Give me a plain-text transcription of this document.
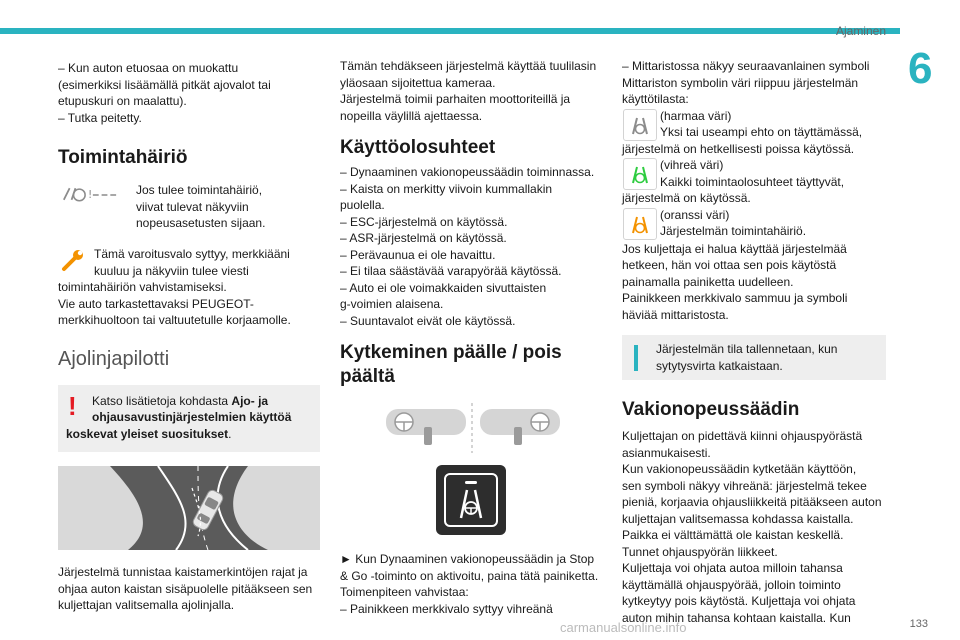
Ajaminen
6
133
carmanualsonline.info
– Kun auton etuosaa on muokattu
(esimerkiksi lisäämällä pitkät ajovalot tai
etupuskuri on maalattu).
– Tutka peitetty.
Toimintahäiriö
!	Jos tulee toimintahäiriö,
viivat tulevat näkyviin
nopeusasetusten sijaan.
Tämä varoitusvalo syttyy, merkkiääni
kuuluu ja näkyviin tulee viesti
toimintahäiriön vahvistamiseksi.
Vie auto tarkastettavaksi PEUGEOT-
merkkihuoltoon tai valtuutetulle korjaamolle.
Ajolinjapilotti
! Katso lisätietoja kohdasta Ajo- ja
ohjausavustinjärjestelmien käyttöä
koskevat yleiset suositukset.
Järjestelmä tunnistaa kaistamerkintöjen rajat ja
ohjaa auton kaistan sisäpuolelle pitääkseen sen
kuljettajan valitsemalla ajolinjalla.
Tämän tehdäkseen järjestelmä käyttää tuulilasin
yläosaan sijoitettua kameraa.
Järjestelmä toimii parhaiten moottoriteillä ja
nopeilla väylillä ajettaessa.
Käyttöolosuhteet
– Dynaaminen vakionopeussäädin toiminnassa.
– Kaista on merkitty viivoin kummallakin
puolella.
– ESC-järjestelmä on käytössä.
– ASR-järjestelmä on käytössä.
– Perävaunua ei ole havaittu.
– Ei tilaa säästävää varapyörää käytössä.
– Auto ei ole voimakkaiden sivuttaisten
g-voimien alaisena.
– Suuntavalot eivät ole käytössä.
Kytkeminen päälle / pois
päältä
► Kun Dynaaminen vakionopeussäädin ja Stop
& Go -toiminto on aktivoitu, paina tätä painiketta.
Toimenpiteen vahvistaa:
– Painikkeen merkkivalo syttyy vihreänä
– Mittaristossa näkyy seuraavanlainen symboli
Mittariston symbolin väri riippuu järjestelmän
käyttötilasta:
(harmaa väri)
Yksi tai useampi ehto on täyttämässä,
järjestelmä on hetkellisesti poissa käytössä.
(vihreä väri)
Kaikki toimintaolosuhteet täyttyvät,
järjestelmä on käytössä.
(oranssi väri)
Järjestelmän toimintahäiriö.
Jos kuljettaja ei halua käyttää järjestelmää
hetkeen, hän voi ottaa sen pois käytöstä
painamalla painiketta uudelleen.
Painikkeen merkkivalo sammuu ja symboli
häviää mittaristosta.
Järjestelmän tila tallennetaan, kun
sytytysvirta katkaistaan.
Vakionopeussäädin
Kuljettajan on pidettävä kiinni ohjauspyörästä
asianmukaisesti.
Kun vakionopeussäädin kytketään käyttöön,
sen symboli näkyy vihreänä: järjestelmä tekee
pieniä, korjaavia ohjausliikkeitä pitääkseen auton
kuljettajan valitsemassa kohdassa kaistalla.
Paikka ei välttämättä ole kaistan keskellä.
Tunnet ohjauspyörän liikkeet.
Kuljettaja voi ohjata autoa milloin tahansa
käyttämällä ohjauspyörää, jolloin toiminto
kytkeytyy pois käytöstä. Kuljettaja voi ohjata
auton mihin tahansa kohtaan kaistalla. Kun
